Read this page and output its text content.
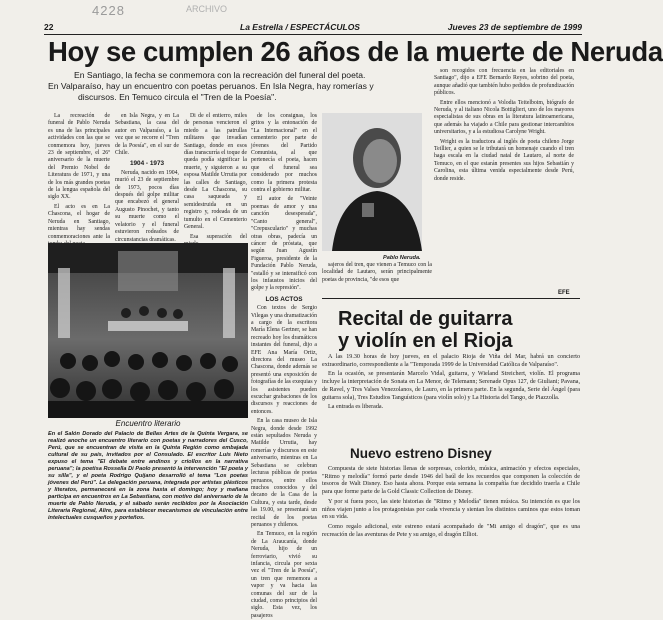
4228	ARCHIVO
22	La Estrella / ESPECTÁCULOS	Jueves 23 de septiembre de 1999
Hoy se cumplen 26 años de la muerte de Neruda
En Santiago, la fecha se conmemora con la recreación del funeral del poeta.
En Valparaíso, hay un encuentro con poetas peruanos. En Isla Negra, hay romerías y
discursos. En Temuco circula el "Tren de la Poesía".

La recreación de funeral de Pablo Neruda es una de las principales actividades con las que se conmemora hoy, jueves 23 de septiembre, el 26º aniversario de la muerte del Premio Nobel de Literatura de 1971, y una de los más grandes poetas de la lengua española del siglo XX.

El acto es en La Chascona, el hogar de Neruda en Santiago, mientras hay sendas conmemoraciones ante la

en Isla Negra, y en La Sebastiana, la casa del autor en Valparaíso, a la vez que se recorre el "Tren de la Poesía", en el sur de Chile.

1904 - 1973

Neruda, nacido en 1904, murió el 23 de septiembre de 1973, pocos días después del golpe militar que encabezó el general Augusto Pinochet, y tanto su muerte como el velatorio y el funeral estuvieron rodeados de circunstancias dramáticas.

Di de el entierro, miles de personas vencieron el miedo a las patrullas militares que invadían Santiago, donde en esos días transcurría el toque de queda podía significar la muerte, y siguieron a su esposa Matilde Urrutia por las calles de Santiago, desde La Chascona, su casa saqueada y semidestruida en un registro y, rodeada de un tumulto en el Cementerio General.

Esa superación del

de los consignas, los gritos y la entonación de "La Internacional" en el cementerio por parte de jóvenes del Partido Comunista, al que pertenecía el poeta, hacen que el funeral sea considerado por muchos como la primera protesta contra el gobierno militar.

El autor de "Veinte poemas de amor y una canción desesperada", "Canto general", "Crepusculario" y muchas otras obras, padecía un cáncer de próstata, que según Juan Agustín Figueroa, presidente de la Fundación Pablo Neruda, "estalló y se intensificó con los infaustos inicios del golpe y la represión".

LOS ACTOS

Con textos de Sergio Vilegas y una dramatización a cargo de la escritora María Elena Gertner, se han recreado hoy los dramáticos instantes del funeral, dijo a EFE Ana María Ortiz, directora del museo La Chascona, donde además se presentó una exposición de fotografías de las exequias y los asistentes pueden escuchar grabaciones de los discursos y reacciones de entonces.

En la casa museo de Isla Negra, donde desde 1992 están sepultados Neruda y Matilde Urrutia, hay romerías y discursos en este aniversario, mientras en La Sebastiana se celebran lecturas públicas de poetas peruanos, entre ellos muchos conocidos y del decano de la Casa de la Cultura, y esta tarde, desde las 19.00, se presentará un recital de los poetas peruanos y chilenos.

En Temuco, en la región de La Araucanía, donde Neruda, hijo de un ferroviario, vivió su infancia, circula por sexta vez el "Tren de la Poesía", un tren que rememora a vapor y va hacia las comunas del sur de la ciudad, como principios del siglo. Esta vez, los pasajeros

Encuentro literario
En el Salón Dorado del Palacio de Bellas Artes de la Quinta Vergara, se realizó anoche un encuentro literario con poetas y narradores del Cusco, Perú, que se encuentran de visita en la Quinta Región como embajada cultural de su país, invitados por el Consulado. El escritor Luis Nieto expuso el tema "El debate entre andinos y criollos en la narrativa peruana"; la poetisa Rossella Di Paolo presentó la intervención "El poeta y su silla", y el poeta Rodrigo Quijano desarrolló el tema "Los poetas jóvenes del Perú". La delegación peruana, integrada por artistas plásticos y literatos, permanecerá en la zona hasta el domingo; hoy y mañana participa en encuentros en La Sebastiana, con motivo del aniversario de la muerte de Pablo Neruda, y el sábado serán recibidos por la Asociación Literaria Regional, Alire, para establecer mecanismos de vinculación entre intelectuales cusqueños y porteños.
Pablo Neruda.

sajeros del tren, que vienen a Temuco con la localidad de Lautaro, serán principalmente poetas de provincia, "de esos que

son recogidos con frecuencia en las editoriales en Santiago", dijo a EFE Bernardo Reyes, sobrino del poeta, aunque añadió que también hubo pedidos de profundización públicos.

Entre ellos mencionó a Volodia Teitelboim, biógrafo de Neruda, y al italiano Nicola Bottiglieri, uno de los mayores especialistas de sus obras en la literatura latinoamericana, que además ha viajado a Chile para gestionar intercambios universitarios, y a la estudiosa Carolyne Wright.

Wright es la traductora al inglés de poeta chileno Jorge Teillier, a quien se le tributará un homenaje cuando el tren haga escala en la ciudad natal de Lautaro, al norte de Temuco, en el que estarán presentes sus hijos Sebastián y Carolina, esta última venida especialmente desde Perú, donde reside.

EFE
Recital de guitarra
y violín en el Rioja

A las 19.30 horas de hoy jueves, en el palacio Rioja de Viña del Mar, habrá un concierto extraordinario, correspondiente a la "Temporada 1999 de la Universidad Católica de Valparaíso".

En la ocasión, se presentarán Marcelo Vidal, guitarra, y Wieland Streichert, violín. El programa incluye la interpretación de Sonata en La Menor, de Telemann; Serenade Opus 127, de Giuliani; Pavana, de Ravel, y Tres Valses Venezolanos, de Lauro, en la primera parte. En la segunda, Serie del Ángel (para guitarra sola), Tres Estudios Tanguísticos (para violín solo) y La Historia del Tango, de Piazzolla.

La entrada es liberada.

Nuevo estreno Disney

Compuesta de siete historias llenas de sorpresas, colorido, música, animación y efectos especiales, "Ritmo y melodía" formó parte desde 1946 del baúl de los recuerdos que componen la colección de tesoros de Walt Disney. Eso hasta ahora. Porque esta semana la compañía fue decidido traerla a Chile para que forme parte de la Gold Classic Collection de Disney.

Y por si fuera poco, las siete historias de "Ritmo y Melodía" tienen música. Su intención es que los niños viajen junto a los protagonistas por cada vivencia y sientan los distintos caminos que estos toman en su vida.

Como regalo adicional, este estreno estará acompañado de "Mi amigo el dragón", que es una recreación de las aventuras de Pete y su amigo, el dragón Elliot.
